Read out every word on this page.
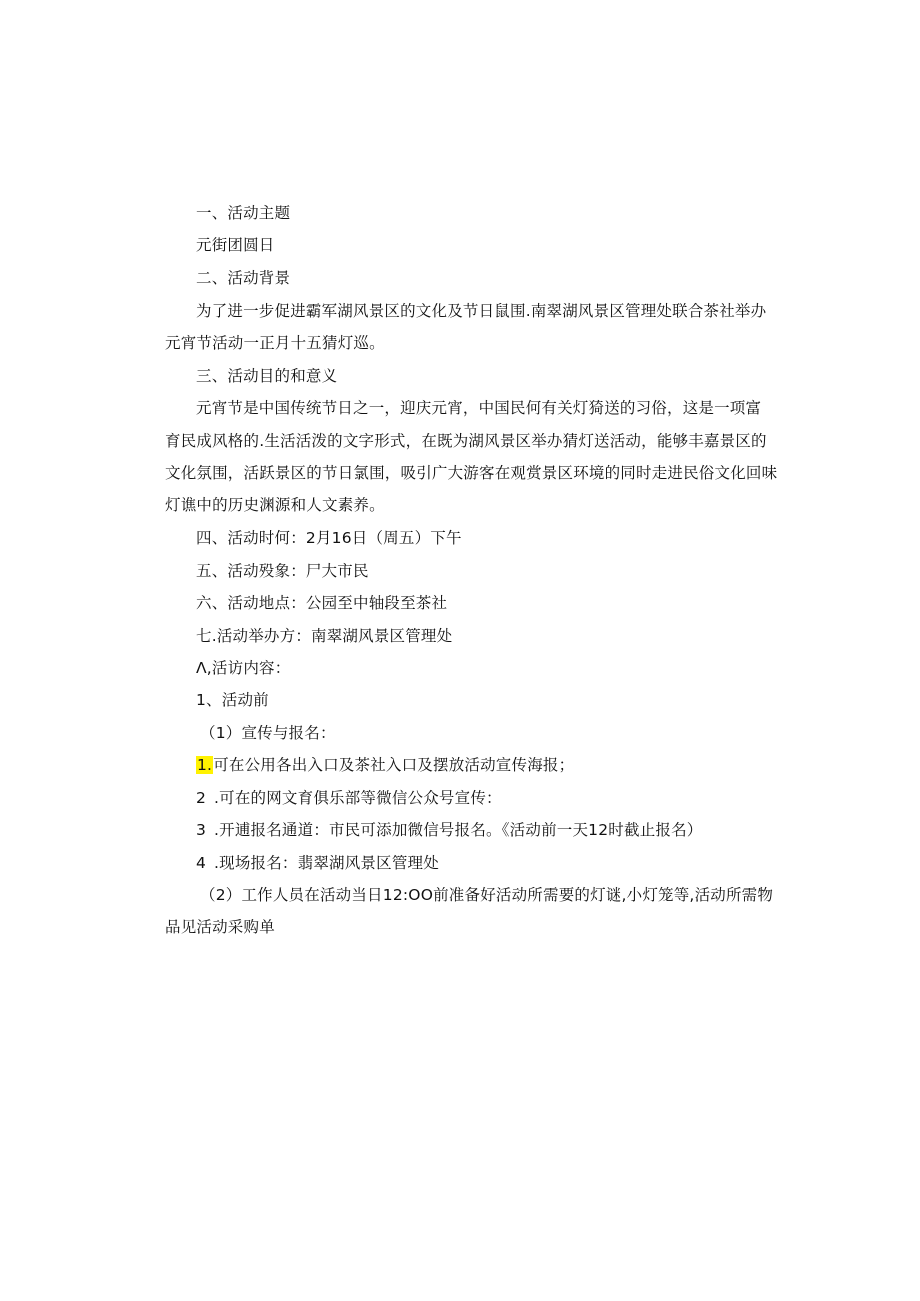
一、活动主题
元街团圆日
二、活动背景
为了进一步促进霸军湖风景区的文化及节日鼠围.南翠湖风景区管理处联合茶社举办
元宵节活动一正月十五猜灯巡。
三、活动目的和意义
元宵节是中国传统节日之一，迎庆元宵，中国民何有关灯猗送的习俗，这是一项富
育民成风格的.生活活泼的文字形式，在既为湖风景区举办猜灯送活动，能够丰嘉景区的
文化氛围，活跃景区的节日氯围，吸引广大游客在观赏景区环境的同时走进民俗文化回味
灯谯中的历史渊源和人文素养。
四、活动时何：2月16日（周五）下午
五、活动殁象：尸大市民
六、活动地点：公园至中轴段至茶社
七.活动举办方：南翠湖风景区管理处
Λ,活访内容：
1、活动前
（1）宣传与报名：
1.可在公用各出入口及茶社入口及摆放活动宣传海报；
2 .可在的网文育俱乐部等微信公众号宣传：
3 .开逋报名通道：市民可添加微信号报名。《活动前一天12时截止报名）
4 .现场报名：翡翠湖风景区管理处
（2）工作人员在活动当日12:OO前准备好活动所需要的灯谜,小灯笼等,活动所需物
品见活动采购单
